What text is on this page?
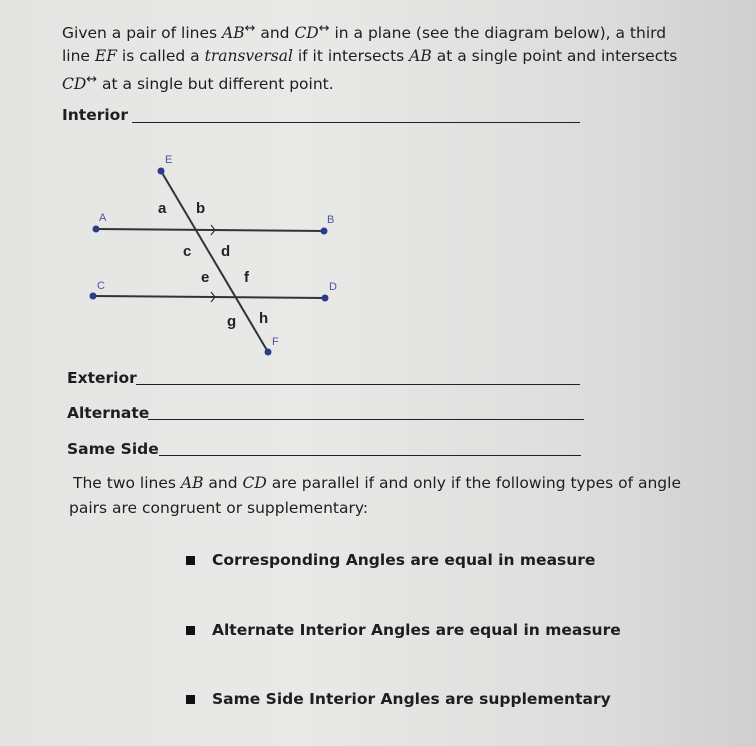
Given a pair of lines AB↔ and CD↔ in a plane (see the diagram below), a third
line EF is called a transversal if it intersects AB at a single point and intersects
CD↔ at a single but different point.
Interior
E
A	B
C	D
F
a b
c d
e f
g h
Exterior
Alternate
Same Side
The two lines AB and CD are parallel if and only if the following types of angle
pairs are congruent or supplementary:
Corresponding Angles are equal in measure
Alternate Interior Angles are equal in measure
Same Side Interior Angles are supplementary
